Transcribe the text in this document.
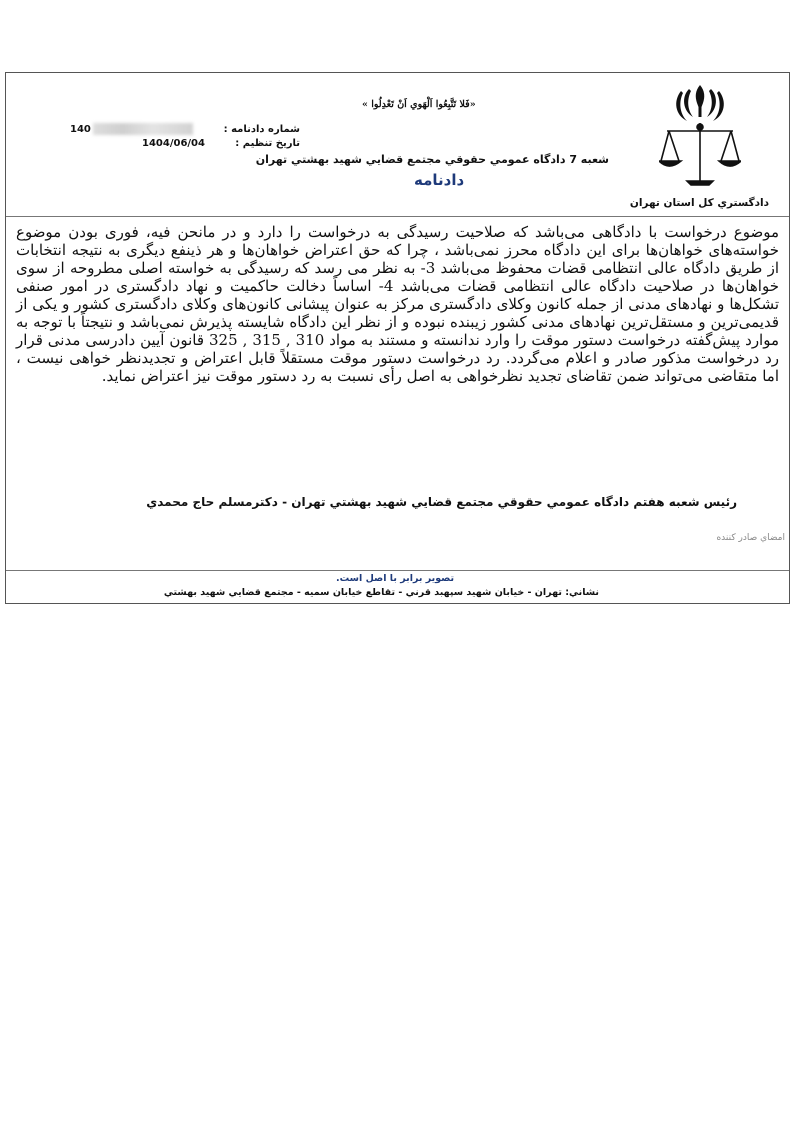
دادگستري كل استان تهران
«فَلا تَتَّبِعُوا اَلْهَوي اَنْ تَعْدِلُوا »
شماره دادنامه :
140
تاريخ تنظيم :
1404/06/04
شعبه 7 دادگاه عمومي حقوقي مجتمع قضايي شهيد بهشتي تهران
دادنامه
موضوع درخواست با دادگاهی می‌باشد که صلاحیت رسیدگی به درخواست را دارد و در مانحن فیه، فوری بودن موضوع خواسته‌های خواهان‌ها برای این دادگاه محرز نمی‌باشد ، چرا که حق اعتراض خواهان‌ها و هر ذینفع دیگری به نتیجه انتخابات از طریق دادگاه عالی انتظامی قضات محفوظ می‌باشد 3- به نظر می رسد که رسیدگی به خواسته اصلی مطروحه از سوی خواهان‌ها در صلاحیت دادگاه عالی انتظامی قضات می‌باشد 4- اساساً دخالت حاکمیت و نهاد دادگستری در امور صنفی تشکل‌ها و نهادهای مدنی از جمله کانون وکلای دادگستری مرکز به عنوان پیشانی کانون‌های وکلای دادگستری کشور و یکی از قدیمی‌ترین و مستقل‌ترین نهادهای مدنی کشور زیبنده نبوده و از نظر این دادگاه شایسته پذیرش نمی‌باشد و نتیجتاً با توجه به موارد پیش‌گفته درخواست دستور موقت را وارد ندانسته و مستند به مواد 310 , 315 , 325 قانون آیین دادرسی مدنی قرار رد درخواست مذکور صادر و اعلام می‌گردد. رد درخواست دستور موقت مستقلاً قابل اعتراض و تجدیدنظر خواهی نیست ، اما متقاضی می‌تواند ضمن تقاضای تجدید نظرخواهی به اصل رأی نسبت به رد دستور موقت نیز اعتراض نماید.
رئيس شعبه هفتم دادگاه عمومي حقوقي مجتمع قضايي شهيد بهشتي تهران - دكترمسلم حاج محمدي
امضاي صادر كننده
تصوير برابر با اصل است.
نشاني: تهران - خيابان شهيد سپهبد قرني - تقاطع خيابان سميه - مجتمع قضايي شهيد بهشتي
